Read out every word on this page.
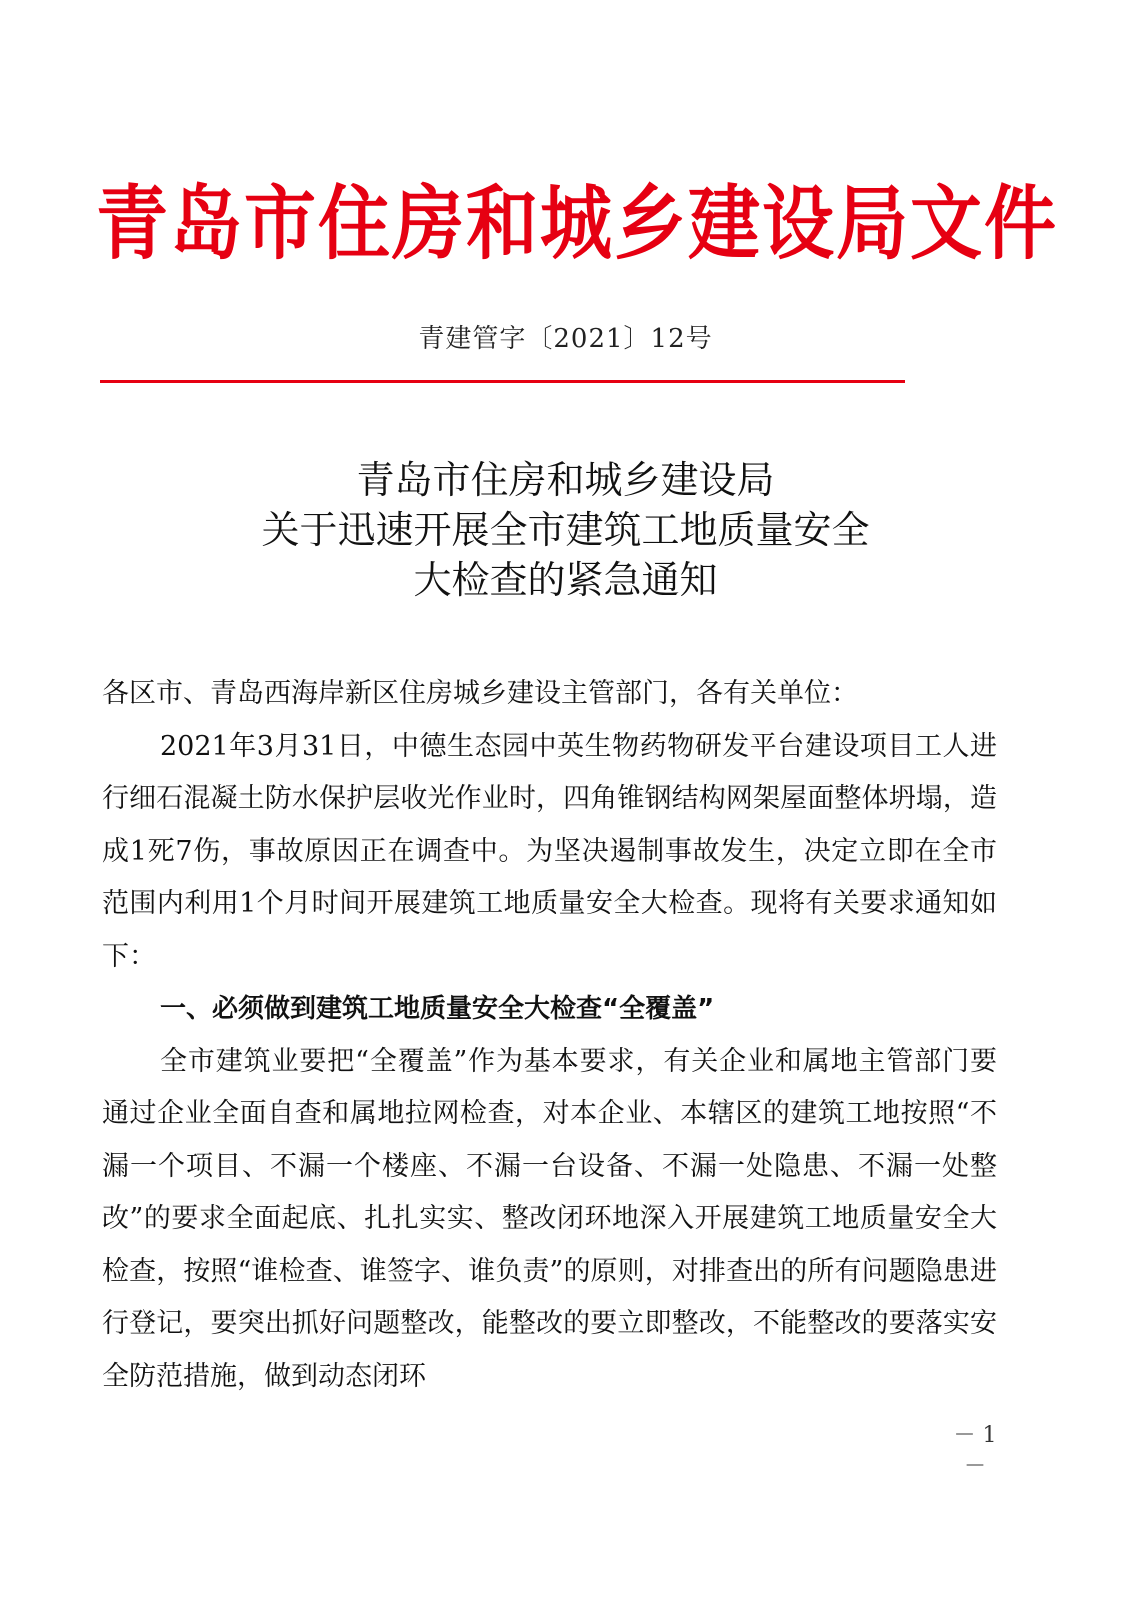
青岛市住房和城乡建设局文件
青建管字〔2021〕12号
青岛市住房和城乡建设局
关于迅速开展全市建筑工地质量安全
大检查的紧急通知

各区市、青岛西海岸新区住房城乡建设主管部门，各有关单位：

2021年3月31日，中德生态园中英生物药物研发平台建设项目工人进行细石混凝土防水保护层收光作业时，四角锥钢结构网架屋面整体坍塌，造成1死7伤，事故原因正在调查中。为坚决遏制事故发生，决定立即在全市范围内利用1个月时间开展建筑工地质量安全大检查。现将有关要求通知如下：

一、必须做到建筑工地质量安全大检查“全覆盖”

全市建筑业要把“全覆盖”作为基本要求，有关企业和属地主管部门要通过企业全面自查和属地拉网检查，对本企业、本辖区的建筑工地按照“不漏一个项目、不漏一个楼座、不漏一台设备、不漏一处隐患、不漏一处整改”的要求全面起底、扎扎实实、整改闭环地深入开展建筑工地质量安全大检查，按照“谁检查、谁签字、谁负责”的原则，对排查出的所有问题隐患进行登记，要突出抓好问题整改，能整改的要立即整改，不能整改的要落实安全防范措施，做到动态闭环

－ 1 －
